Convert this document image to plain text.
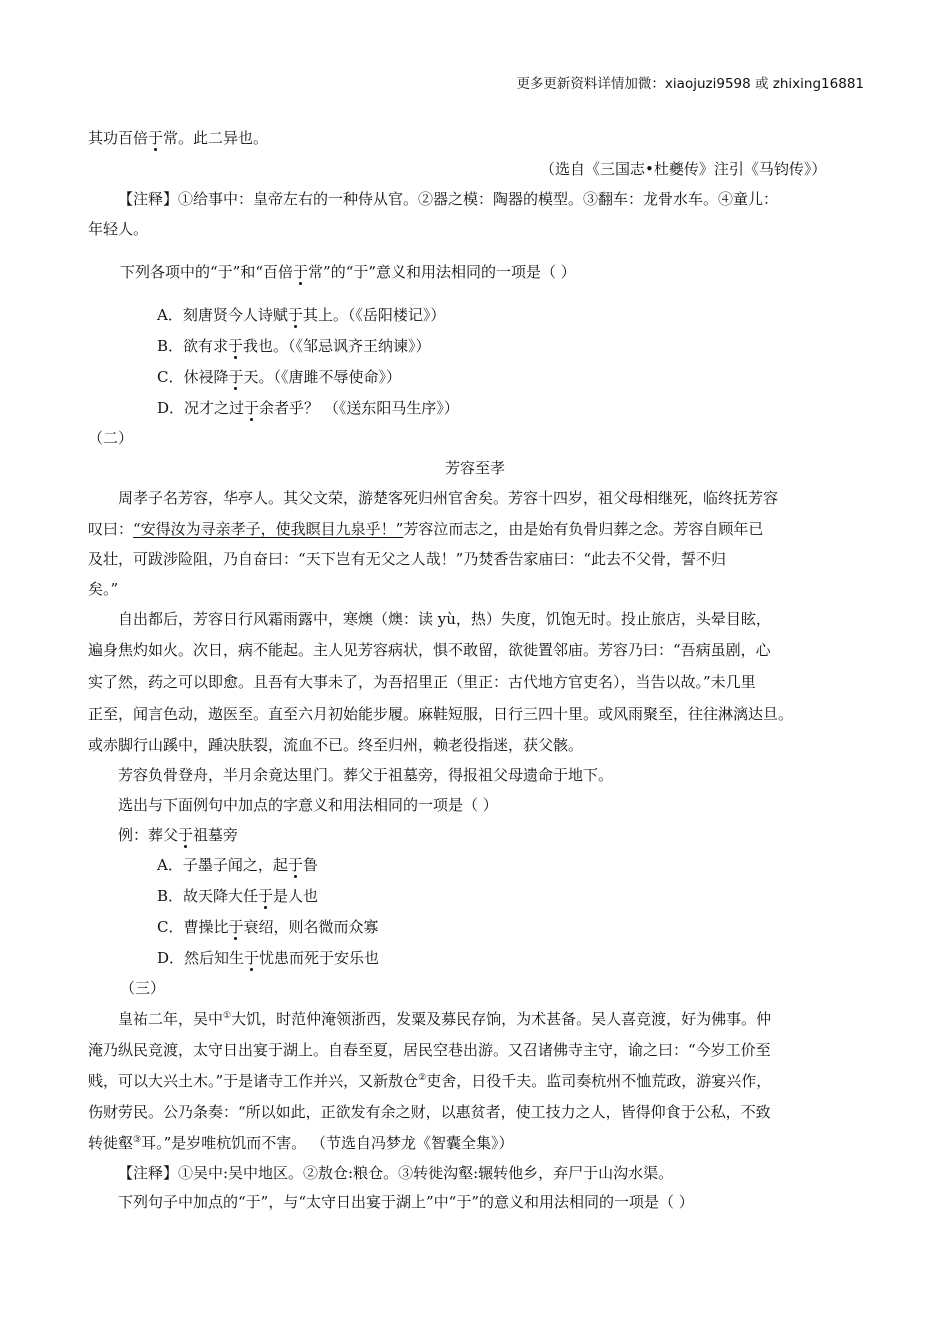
更多更新资料详情加微：xiaojuzi9598 或 zhixing16881
其功百倍于常。此二异也。
（选自《三国志•杜夔传》注引《马钧传》）
【注释】①给事中：皇帝左右的一种侍从官。②器之模：陶器的模型。③翻车：龙骨水车。④童儿：
年轻人。
下列各项中的“于”和“百倍于常”的“于”意义和用法相同的一项是（ ）
A．刻唐贤今人诗赋于其上。（《岳阳楼记》）
B．欲有求于我也。（《邹忌讽齐王纳谏》）
C．休祲降于天。（《唐雎不辱使命》）
D．况才之过于余者乎？ （《送东阳马生序》）
（二）
芳容至孝
周孝子名芳容，华亭人。其父文荣，游楚客死归州官舍矣。芳容十四岁，祖父母相继死，临终抚芳容
叹曰：“安得汝为寻亲孝子，使我瞑目九泉乎！”芳容泣而志之，由是始有负骨归葬之念。芳容自顾年已
及壮，可跋涉险阻，乃自奋曰：“天下岂有无父之人哉！”乃焚香告家庙曰：“此去不父骨，誓不归
矣。”
自出都后，芳容日行风霜雨露中，寒燠（燠：读 yù，热）失度，饥饱无时。投止旅店，头晕目眩，
遍身焦灼如火。次日，病不能起。主人见芳容病状，惧不敢留，欲徙置邻庙。芳容乃曰：“吾病虽剧，心
实了然，药之可以即愈。且吾有大事未了，为吾招里正（里正：古代地方官吏名），当告以故。”未几里
正至，闻言色动，遨医至。直至六月初始能步履。麻鞋短服，日行三四十里。或风雨聚至，往往淋漓达旦。
或赤脚行山蹊中，踵决肤裂，流血不已。终至归州，赖老役指迷，获父骸。
芳容负骨登舟，半月余竟达里门。葬父于祖墓旁，得报祖父母遗命于地下。
选出与下面例句中加点的字意义和用法相同的一项是（ ）
例：葬父于祖墓旁
A．子墨子闻之，起于鲁
B．故天降大任于是人也
C．曹操比于衰绍，则名微而众寡
D．然后知生于忧患而死于安乐也
（三）
皇祐二年，吴中①大饥，时范仲淹领浙西，发粟及募民存饷，为术甚备。吴人喜竞渡，好为佛事。仲
淹乃纵民竞渡，太守日出宴于湖上。自春至夏，居民空巷出游。又召诸佛寺主守，谕之曰：“今岁工价至
贱，可以大兴土木。”于是诸寺工作并兴，又新敖仓②吏舍，日役千夫。监司奏杭州不恤荒政，游宴兴作，
伤财劳民。公乃条奏：“所以如此，正欲发有余之财，以惠贫者，使工技力之人，皆得仰食于公私，不致
转徙壑③耳。”是岁唯杭饥而不害。 （节选自冯梦龙《智囊全集》）
【注释】①吴中:吴中地区。②敖仓:粮仓。③转徙沟壑:辗转他乡，弃尸于山沟水渠。
下列句子中加点的“于”，与“太守日出宴于湖上”中“于”的意义和用法相同的一项是（ ）
